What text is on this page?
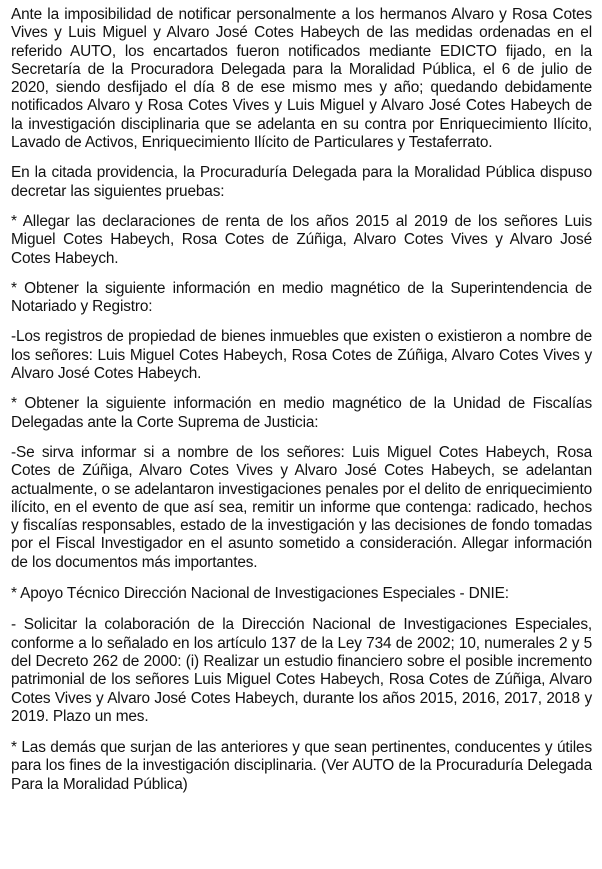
Ante la imposibilidad de notificar personalmente a los hermanos Alvaro y Rosa Cotes Vives y Luis Miguel y Alvaro José Cotes Habeych de las medidas ordenadas en el referido AUTO, los encartados fueron notificados mediante EDICTO fijado, en la Secretaría de la Procuradora Delegada para la Moralidad Pública, el 6 de julio de 2020, siendo desfijado el día 8 de ese mismo mes y año; quedando debidamente notificados Alvaro y Rosa Cotes Vives y Luis Miguel y Alvaro José Cotes Habeych de la investigación disciplinaria que se adelanta en su contra por Enriquecimiento Ilícito, Lavado de Activos, Enriquecimiento Ilícito de Particulares y Testaferrato.

En la citada providencia, la Procuraduría Delegada para la Moralidad Pública dispuso decretar las siguientes pruebas:

* Allegar las declaraciones de renta de los años 2015 al 2019 de los señores Luis Miguel Cotes Habeych, Rosa Cotes de Zúñiga, Alvaro Cotes Vives y Alvaro José Cotes Habeych.

* Obtener la siguiente información en medio magnético de la Superintendencia de Notariado y Registro:

-Los registros de propiedad de bienes inmuebles que existen o existieron a nombre de los señores: Luis Miguel Cotes Habeych, Rosa Cotes de Zúñiga, Alvaro Cotes Vives y Alvaro José Cotes Habeych.

* Obtener la siguiente información en medio magnético de la Unidad de Fiscalías Delegadas ante la Corte Suprema de Justicia:

-Se sirva informar si a nombre de los señores: Luis Miguel Cotes Habeych, Rosa Cotes de Zúñiga, Alvaro Cotes Vives y Alvaro José Cotes Habeych, se adelantan actualmente, o se adelantaron investigaciones penales por el delito de enriquecimiento ilícito, en el evento de que así sea, remitir un informe que contenga: radicado, hechos y fiscalías responsables, estado de la investigación y las decisiones de fondo tomadas por el Fiscal Investigador en el asunto sometido a consideración. Allegar información de los documentos más importantes.

* Apoyo Técnico Dirección Nacional de Investigaciones Especiales - DNIE:

- Solicitar la colaboración de la Dirección Nacional de Investigaciones Especiales, conforme a lo señalado en los artículo 137 de la Ley 734 de 2002; 10, numerales 2 y 5 del Decreto 262 de 2000: (i) Realizar un estudio financiero sobre el posible incremento patrimonial de los señores Luis Miguel Cotes Habeych, Rosa Cotes de Zúñiga, Alvaro Cotes Vives y Alvaro José Cotes Habeych, durante los años 2015, 2016, 2017, 2018 y 2019. Plazo un mes.

* Las demás que surjan de las anteriores y que sean pertinentes, conducentes y útiles para los fines de la investigación disciplinaria. (Ver AUTO de la Procuraduría Delegada Para la Moralidad Pública)
